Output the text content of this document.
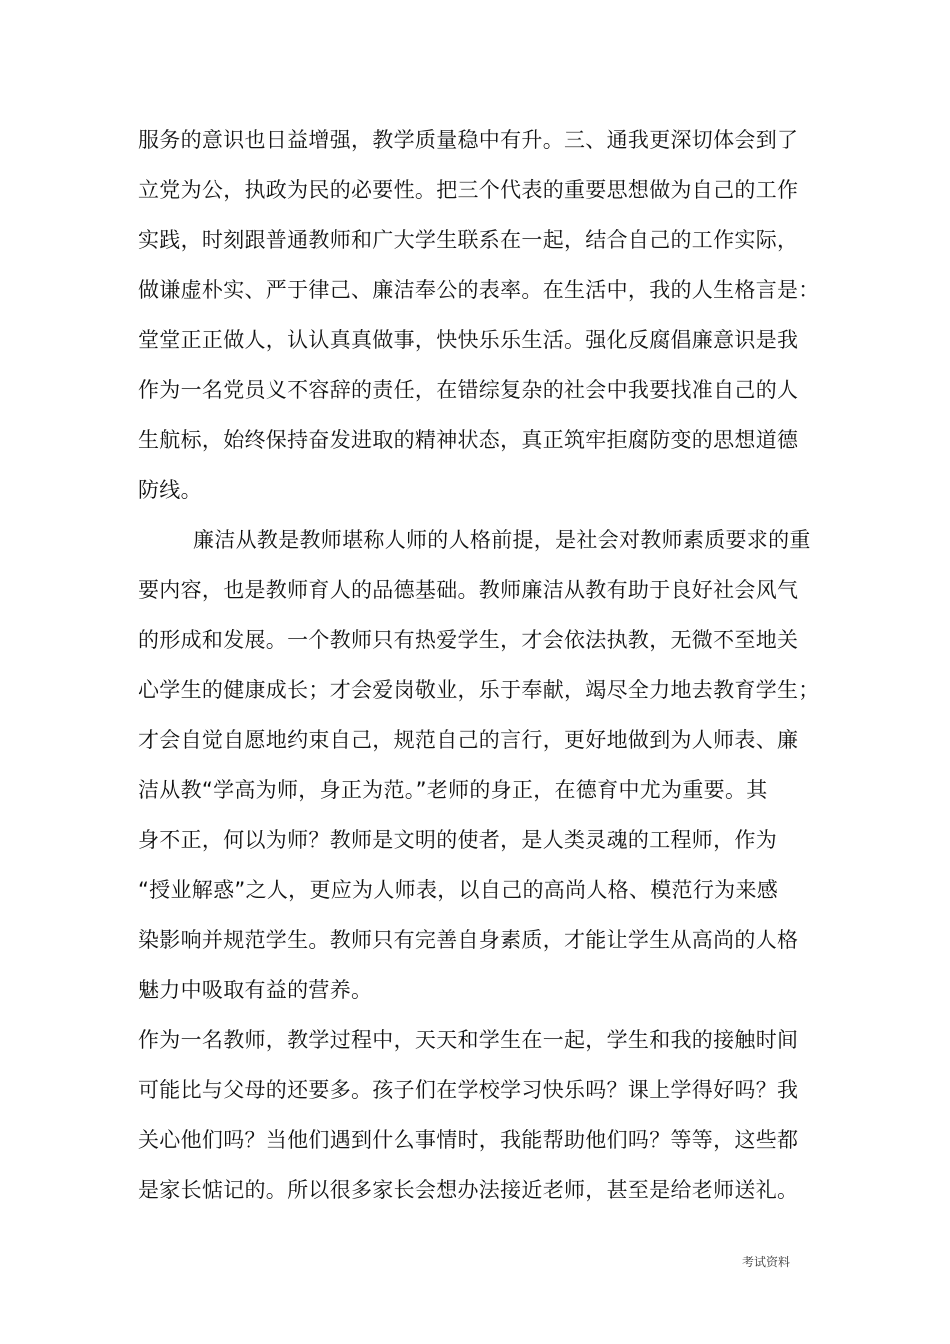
服务的意识也日益增强，教学质量稳中有升。三、通我更深切体会到了
立党为公，执政为民的必要性。把三个代表的重要思想做为自己的工作
实践，时刻跟普通教师和广大学生联系在一起，结合自己的工作实际，
做谦虚朴实、严于律己、廉洁奉公的表率。在生活中，我的人生格言是：
堂堂正正做人，认认真真做事，快快乐乐生活。强化反腐倡廉意识是我
作为一名党员义不容辞的责任，在错综复杂的社会中我要找准自己的人
生航标，始终保持奋发进取的精神状态，真正筑牢拒腐防变的思想道德
防线。
廉洁从教是教师堪称人师的人格前提，是社会对教师素质要求的重
要内容，也是教师育人的品德基础。教师廉洁从教有助于良好社会风气
的形成和发展。一个教师只有热爱学生，才会依法执教，无微不至地关
心学生的健康成长；才会爱岗敬业，乐于奉献，竭尽全力地去教育学生；
才会自觉自愿地约束自己，规范自己的言行，更好地做到为人师表、廉
洁从教“学高为师，身正为范。”老师的身正，在德育中尤为重要。其
身不正，何以为师？教师是文明的使者，是人类灵魂的工程师，作为
“授业解惑”之人，更应为人师表，以自己的高尚人格、模范行为来感
染影响并规范学生。教师只有完善自身素质，才能让学生从高尚的人格
魅力中吸取有益的营养。
作为一名教师，教学过程中，天天和学生在一起，学生和我的接触时间
可能比与父母的还要多。孩子们在学校学习快乐吗？课上学得好吗？我
关心他们吗？当他们遇到什么事情时，我能帮助他们吗？等等，这些都
是家长惦记的。所以很多家长会想办法接近老师，甚至是给老师送礼。
考试资料
